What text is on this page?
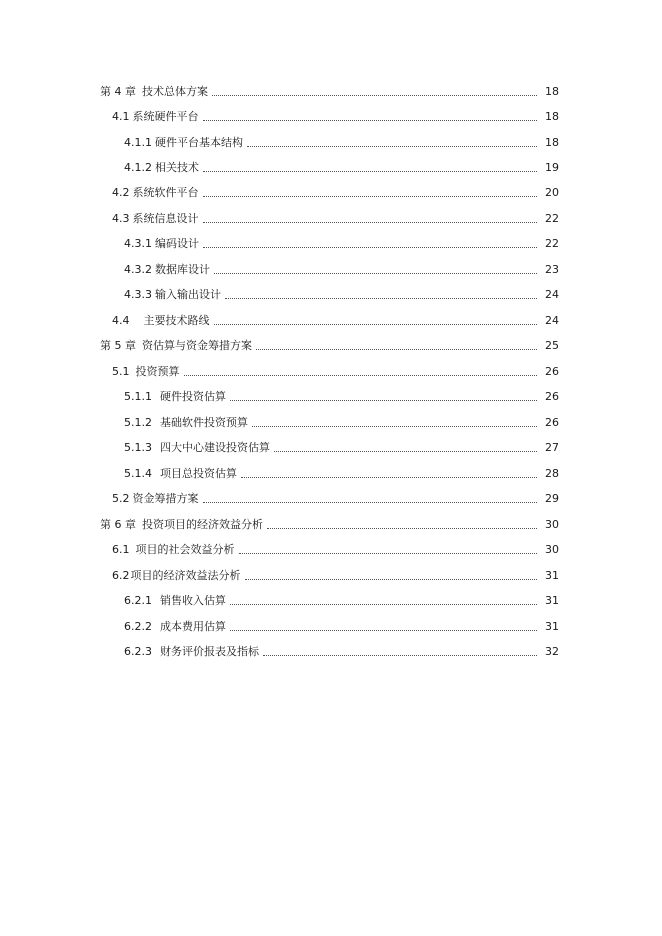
第 4 章 技术总体方案	18
4.1 系统硬件平台	18
4.1.1 硬件平台基本结构	18
4.1.2 相关技术	19
4.2 系统软件平台	20
4.3 系统信息设计	22
4.3.1 编码设计	22
4.3.2 数据库设计	23
4.3.3 输入输出设计	24
4.4 主要技术路线	24
第 5 章 资估算与资金筹措方案	25
5.1 投资预算	26
5.1.1 硬件投资估算	26
5.1.2 基础软件投资预算	26
5.1.3 四大中心建设投资估算	27
5.1.4 项目总投资估算	28
5.2 资金筹措方案	29
第 6 章 投资项目的经济效益分析	30
6.1 项目的社会效益分析	30
6.2 项目的经济效益法分析	31
6.2.1 销售收入估算	31
6.2.2 成本费用估算	31
6.2.3 财务评价报表及指标	32
